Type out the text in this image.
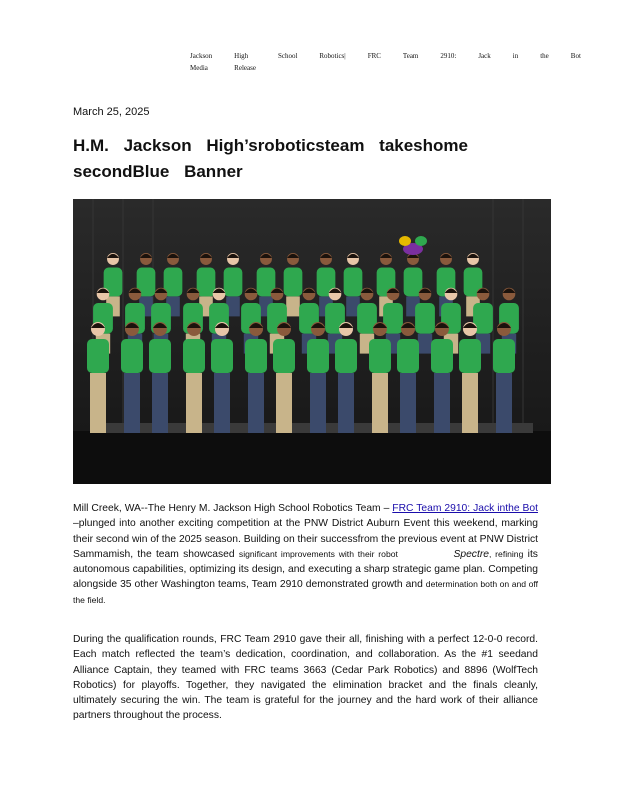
Jackson
Media
High
Release
School	Robotics |	FRC	Team	2910:	Jack	in	the	Bot
March 25, 2025
H.M. Jackson High’sroboticsteam takeshome secondBlue Banner

Mill Creek, WA--The Henry M. Jackson High School Robotics Team – FRC Team 2910: Jack inthe Bot –plunged into another exciting competition at the PNW District Auburn Event this weekend, marking their second win of the 2025 season. Building on their successfrom the previous event at PNW District Sammamish, the team showcased significant improvements with their robot	Spectre, refining its autonomous capabilities, optimizing its design, and executing a sharp strategic game plan. Competing alongside 35 other Washington teams, Team 2910 demonstrated growth and determination both on and off the field.

During the qualification rounds, FRC Team 2910 gave their all, finishing with a perfect 12-0-0 record. Each match reflected the team’s dedication, coordination, and collaboration. As the #1 seedand Alliance Captain, they teamed with FRC teams 3663 (Cedar Park Robotics) and 8896 (WolfTech Robotics) for playoffs. Together, they navigated the elimination bracket and the finals cleanly, ultimately securing the win. The team is grateful for the journey and the hard work of their alliance partners throughout the process.
